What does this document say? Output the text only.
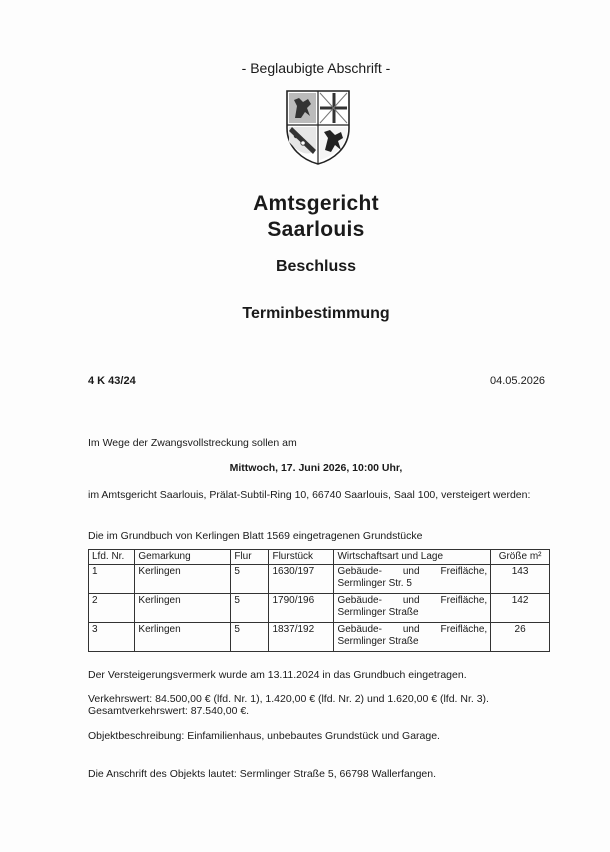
- Beglaubigte Abschrift -
Amtsgericht
Saarlouis
Beschluss
Terminbestimmung
4 K 43/24	04.05.2026
Im Wege der Zwangsvollstreckung sollen am
Mittwoch, 17. Juni 2026, 10:00 Uhr,
im Amtsgericht Saarlouis, Prälat-Subtil-Ring 10, 66740 Saarlouis, Saal 100, versteigert werden:
Die im Grundbuch von Kerlingen Blatt 1569 eingetragenen Grundstücke
Lfd. Nr.	Gemarkung	Flur	Flurstück	Wirtschaftsart und Lage	Größe m²
1	Kerlingen	5	1630/197	Gebäude- und Freifläche,
Sermlinger Str. 5	143
2	Kerlingen	5	1790/196	Gebäude- und Freifläche,
Sermlinger Straße	142
3	Kerlingen	5	1837/192	Gebäude- und Freifläche,
Sermlinger Straße	26
Der Versteigerungsvermerk wurde am 13.11.2024 in das Grundbuch eingetragen.
Verkehrswert: 84.500,00 € (lfd. Nr. 1), 1.420,00 € (lfd. Nr. 2) und 1.620,00 € (lfd. Nr. 3).
Gesamtverkehrswert: 87.540,00 €.
Objektbeschreibung: Einfamilienhaus, unbebautes Grundstück und Garage.
Die Anschrift des Objekts lautet: Sermlinger Straße 5, 66798 Wallerfangen.
